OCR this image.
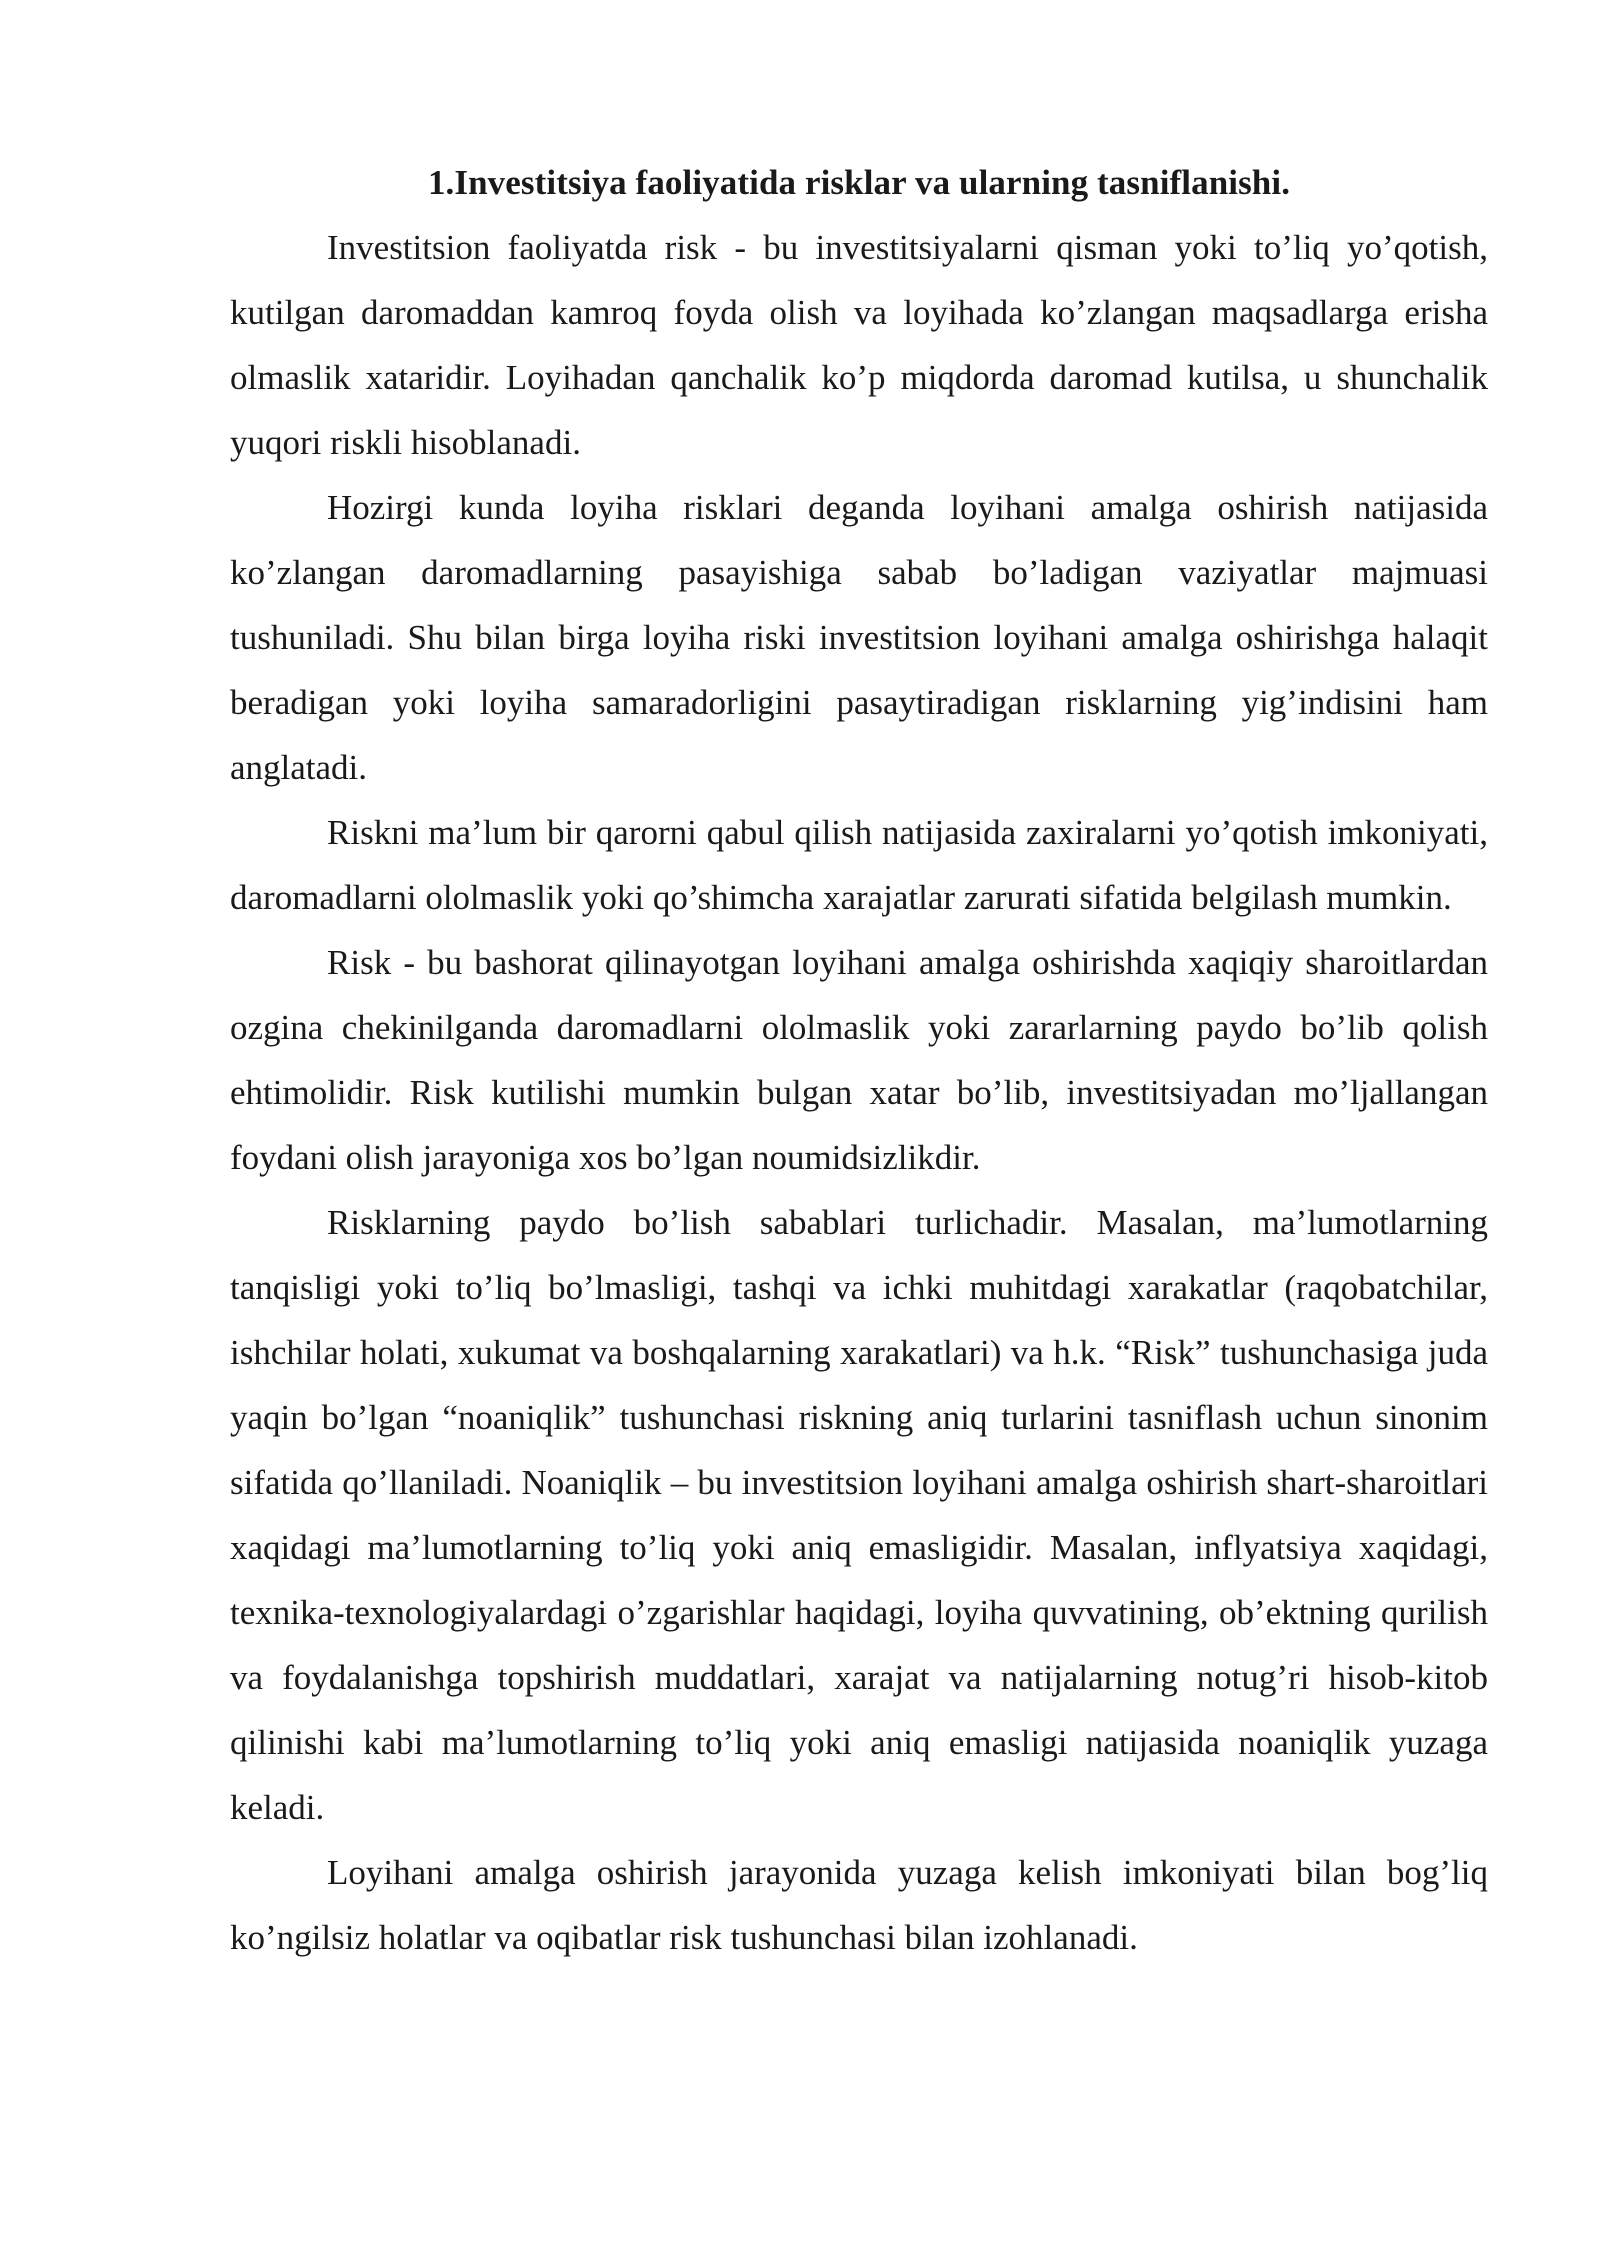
1.Investitsiya faoliyatida risklar va ularning tasniflanishi.

Investitsion faoliyatda risk - bu investitsiyalarni qisman yoki to’liq yo’qotish, kutilgan daromaddan kamroq foyda olish va loyihada ko’zlangan maqsadlarga erisha olmaslik xataridir. Loyihadan qanchalik ko’p miqdorda daromad kutilsa, u shunchalik yuqori riskli hisoblanadi.

Hozirgi kunda loyiha risklari deganda loyihani amalga oshirish natijasida ko’zlangan daromadlarning pasayishiga sabab bo’ladigan vaziyatlar majmuasi tushuniladi. Shu bilan birga loyiha riski investitsion loyihani amalga oshirishga halaqit beradigan yoki loyiha samaradorligini pasaytiradigan risklarning yig’indisini ham anglatadi.

Riskni ma’lum bir qarorni qabul qilish natijasida zaxiralarni yo’qotish imkoniyati, daromadlarni ololmaslik yoki qo’shimcha xarajatlar zarurati sifatida belgilash mumkin.

Risk - bu bashorat qilinayotgan loyihani amalga oshirishda xaqiqiy sharoitlardan ozgina chekinilganda daromadlarni ololmaslik yoki zararlarning paydo bo’lib qolish ehtimolidir. Risk kutilishi mumkin bulgan xatar bo’lib, investitsiyadan mo’ljallangan foydani olish jarayoniga xos bo’lgan noumidsizlikdir.

Risklarning paydo bo’lish sabablari turlichadir. Masalan, ma’lumotlarning tanqisligi yoki to’liq bo’lmasligi, tashqi va ichki muhitdagi xarakatlar (raqobatchilar, ishchilar holati, xukumat va boshqalarning xarakatlari) va h.k. “Risk” tushunchasiga juda yaqin bo’lgan “noaniqlik” tushunchasi riskning aniq turlarini tasniflash uchun sinonim sifatida qo’llaniladi. Noaniqlik – bu investitsion loyihani amalga oshirish shart-sharoitlari xaqidagi ma’lumotlarning to’liq yoki aniq emasligidir. Masalan, inflyatsiya xaqidagi, texnika-texnologiyalardagi o’zgarishlar haqidagi, loyiha quvvatining, ob’ektning qurilish va foydalanishga topshirish muddatlari, xarajat va natijalarning notug’ri hisob-kitob qilinishi kabi ma’lumotlarning to’liq yoki aniq emasligi natijasida noaniqlik yuzaga keladi.

Loyihani amalga oshirish jarayonida yuzaga kelish imkoniyati bilan bog’liq ko’ngilsiz holatlar va oqibatlar risk tushunchasi bilan izohlanadi.
